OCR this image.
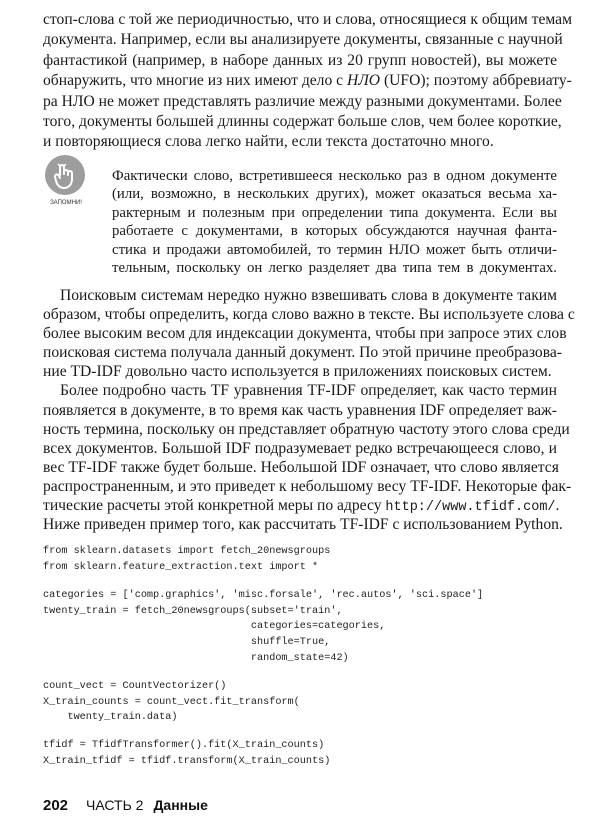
стоп-слова с той же периодичностью, что и слова, относящиеся к общим темам
документа. Например, если вы анализируете документы, связанные с научной
фантастикой (например, в наборе данных из 20 групп новостей), вы можете
обнаружить, что многие из них имеют дело с НЛО (UFO); поэтому аббревиату-
ра НЛО не может представлять различие между разными документами. Более
того, документы большей длинны содержат больше слов, чем более короткие,
и повторяющиеся слова легко найти, если текста достаточно много.
ЗАПОМНИ!
Фактически слово, встретившееся несколько раз в одном документе
(или, возможно, в нескольких других), может оказаться весьма ха-
рактерным и полезным при определении типа документа. Если вы
работаете с документами, в которых обсуждаются научная фанта-
стика и продажи автомобилей, то термин НЛО может быть отличи-
тельным, поскольку он легко разделяет два типа тем в документах.
Поисковым системам нередко нужно взвешивать слова в документе таким
образом, чтобы определить, когда слово важно в тексте. Вы используете слова с
более высоким весом для индексации документа, чтобы при запросе этих слов
поисковая система получала данный документ. По этой причине преобразова-
ние TD-IDF довольно часто используется в приложениях поисковых систем.
Более подробно часть TF уравнения TF-IDF определяет, как часто термин
появляется в документе, в то время как часть уравнения IDF определяет важ-
ность термина, поскольку он представляет обратную частоту этого слова среди
всех документов. Большой IDF подразумевает редко встречающееся слово, и
вес TF-IDF также будет больше. Небольшой IDF означает, что слово является
распространенным, и это приведет к небольшому весу TF-IDF. Некоторые фак-
тические расчеты этой конкретной меры по адресу http://www.tfidf.com/.
Ниже приведен пример того, как рассчитать TF-IDF с использованием Python.
from sklearn.datasets import fetch_20newsgroups
from sklearn.feature_extraction.text import *
categories = ['comp.graphics', 'misc.forsale', 'rec.autos', 'sci.space']
twenty_train = fetch_20newsgroups(subset='train',
categories=categories,
shuffle=True,
random_state=42)
count_vect = CountVectorizer()
X_train_counts = count_vect.fit_transform(
twenty_train.data)
tfidf = TfidfTransformer().fit(X_train_counts)
X_train_tfidf = tfidf.transform(X_train_counts)
202 ЧАСТЬ 2 Данные
